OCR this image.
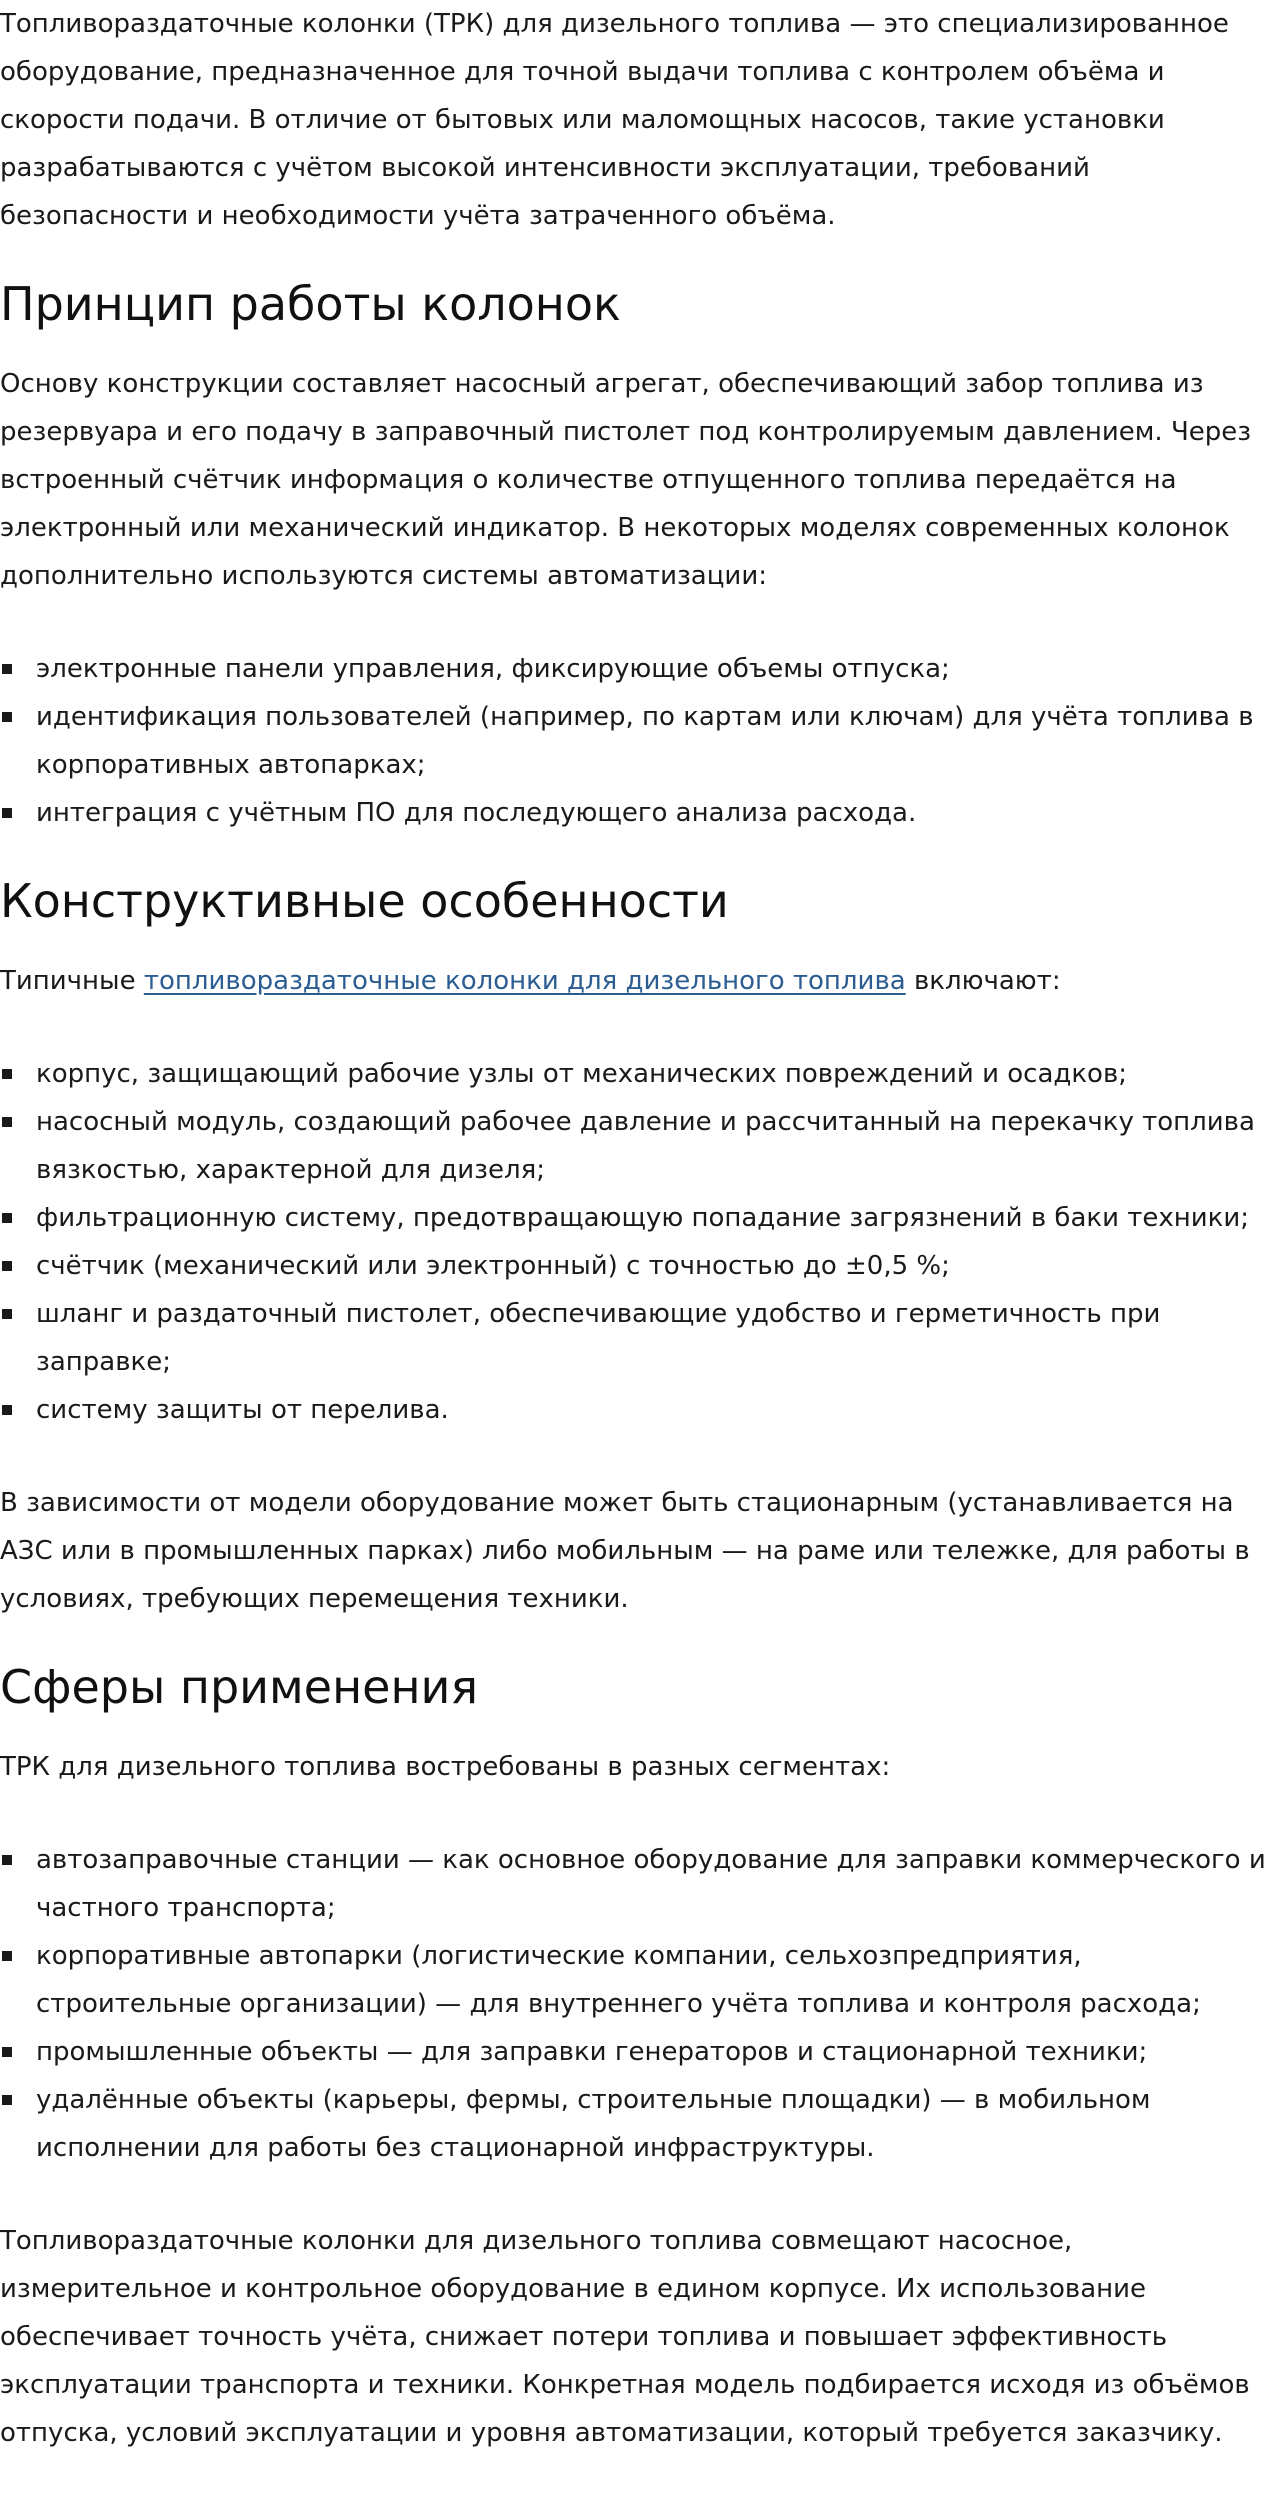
Топливораздаточные колонки (ТРК) для дизельного топлива — это специализированное оборудование, предназначенное для точной выдачи топлива с контролем объёма и скорости подачи. В отличие от бытовых или маломощных насосов, такие установки разрабатываются с учётом высокой интенсивности эксплуатации, требований безопасности и необходимости учёта затраченного объёма.

Принцип работы колонок

Основу конструкции составляет насосный агрегат, обеспечивающий забор топлива из резервуара и его подачу в заправочный пистолет под контролируемым давлением. Через встроенный счётчик информация о количестве отпущенного топлива передаётся на электронный или механический индикатор. В некоторых моделях современных колонок дополнительно используются системы автоматизации:

электронные панели управления, фиксирующие объемы отпуска;
идентификация пользователей (например, по картам или ключам) для учёта топлива в корпоративных автопарках;
интеграция с учётным ПО для последующего анализа расхода.
Конструктивные особенности

Типичные топливораздаточные колонки для дизельного топлива включают:

корпус, защищающий рабочие узлы от механических повреждений и осадков;
насосный модуль, создающий рабочее давление и рассчитанный на перекачку топлива вязкостью, характерной для дизеля;
фильтрационную систему, предотвращающую попадание загрязнений в баки техники;
счётчик (механический или электронный) с точностью до ±0,5 %;
шланг и раздаточный пистолет, обеспечивающие удобство и герметичность при заправке;
систему защиты от перелива.

В зависимости от модели оборудование может быть стационарным (устанавливается на АЗС или в промышленных парках) либо мобильным — на раме или тележке, для работы в условиях, требующих перемещения техники.

Сферы применения

ТРК для дизельного топлива востребованы в разных сегментах:

автозаправочные станции — как основное оборудование для заправки коммерческого и частного транспорта;
корпоративные автопарки (логистические компании, сельхозпредприятия, строительные организации) — для внутреннего учёта топлива и контроля расхода;
промышленные объекты — для заправки генераторов и стационарной техники;
удалённые объекты (карьеры, фермы, строительные площадки) — в мобильном исполнении для работы без стационарной инфраструктуры.

Топливораздаточные колонки для дизельного топлива совмещают насосное, измерительное и контрольное оборудование в едином корпусе. Их использование обеспечивает точность учёта, снижает потери топлива и повышает эффективность эксплуатации транспорта и техники. Конкретная модель подбирается исходя из объёмов отпуска, условий эксплуатации и уровня автоматизации, который требуется заказчику.
